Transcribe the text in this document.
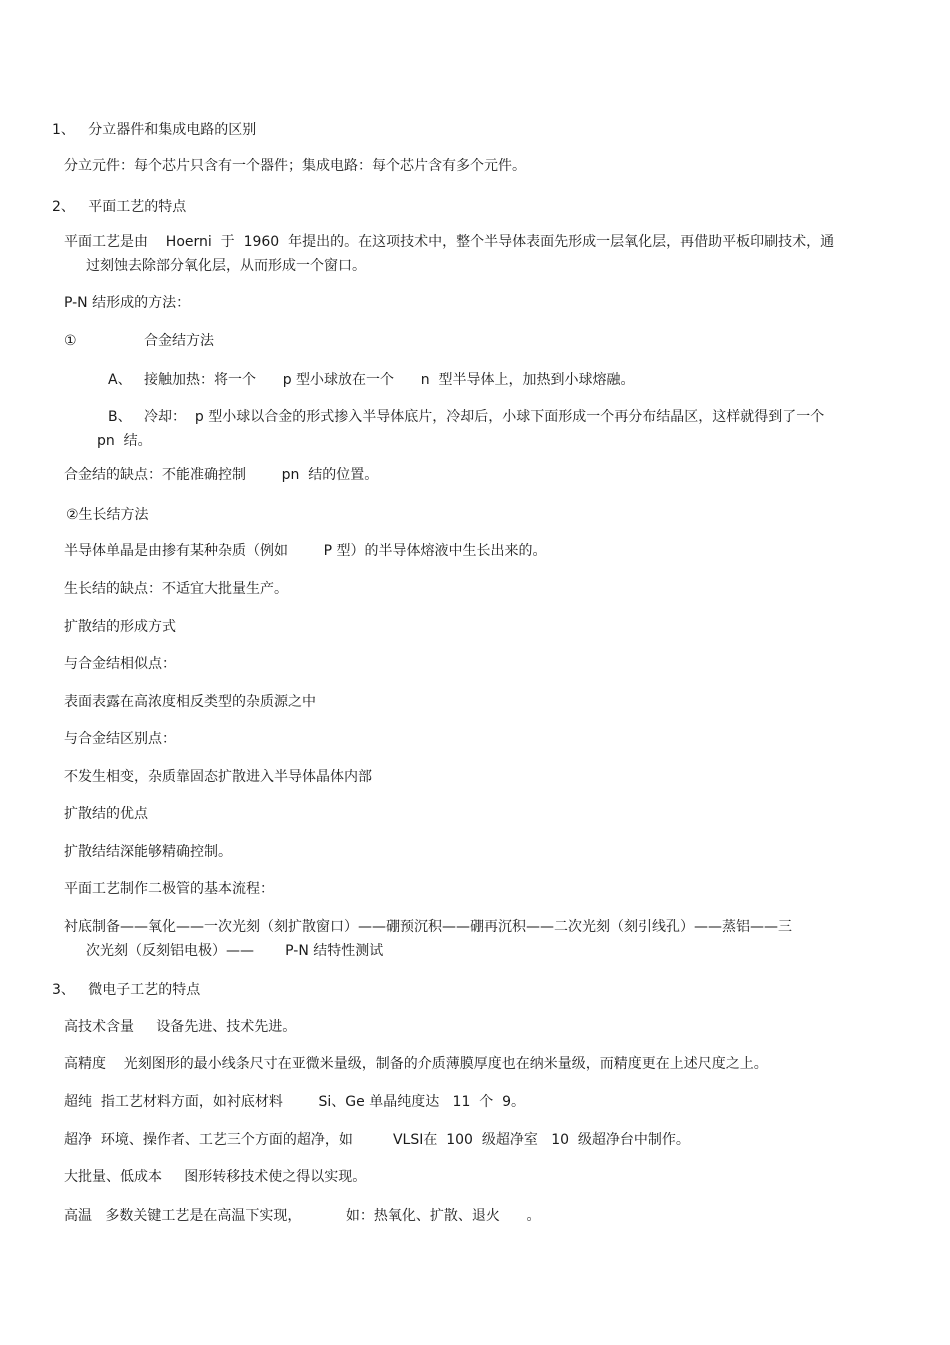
1、 分立器件和集成电路的区别
分立元件：每个芯片只含有一个器件；集成电路：每个芯片含有多个元件。
2、 平面工艺的特点
平面工艺是由    Hoerni  于  1960  年提出的。在这项技术中，整个半导体表面先形成一层氧化层，再借助平板印刷技术，通
过刻蚀去除部分氧化层，从而形成一个窗口。
P-N 结形成的方法：
①	合金结方法
A、 接触加热：将一个      p 型小球放在一个      n  型半导体上，加热到小球熔融。
B、 冷却：  p 型小球以合金的形式掺入半导体底片，冷却后，小球下面形成一个再分布结晶区，这样就得到了一个
pn  结。
合金结的缺点：不能准确控制        pn  结的位置。
②生长结方法
半导体单晶是由掺有某种杂质（例如        P 型）的半导体熔液中生长出来的。
生长结的缺点：不适宜大批量生产。
扩散结的形成方式
与合金结相似点：
表面表露在高浓度相反类型的杂质源之中
与合金结区别点：
不发生相变，杂质靠固态扩散进入半导体晶体内部
扩散结的优点
扩散结结深能够精确控制。
平面工艺制作二极管的基本流程：
衬底制备——氧化——一次光刻（刻扩散窗口）——硼预沉积——硼再沉积——二次光刻（刻引线孔）——蒸铝——三
次光刻（反刻铝电极）——       P-N 结特性测试
3、 微电子工艺的特点
高技术含量     设备先进、技术先进。
高精度    光刻图形的最小线条尺寸在亚微米量级，制备的介质薄膜厚度也在纳米量级，而精度更在上述尺度之上。
超纯  指工艺材料方面，如衬底材料        Si、Ge 单晶纯度达   11  个  9。
超净  环境、操作者、工艺三个方面的超净，如         VLSI在  100  级超净室   10  级超净台中制作。
大批量、低成本     图形转移技术使之得以实现。
高温   多数关键工艺是在高温下实现，          如：热氧化、扩散、退火      。
